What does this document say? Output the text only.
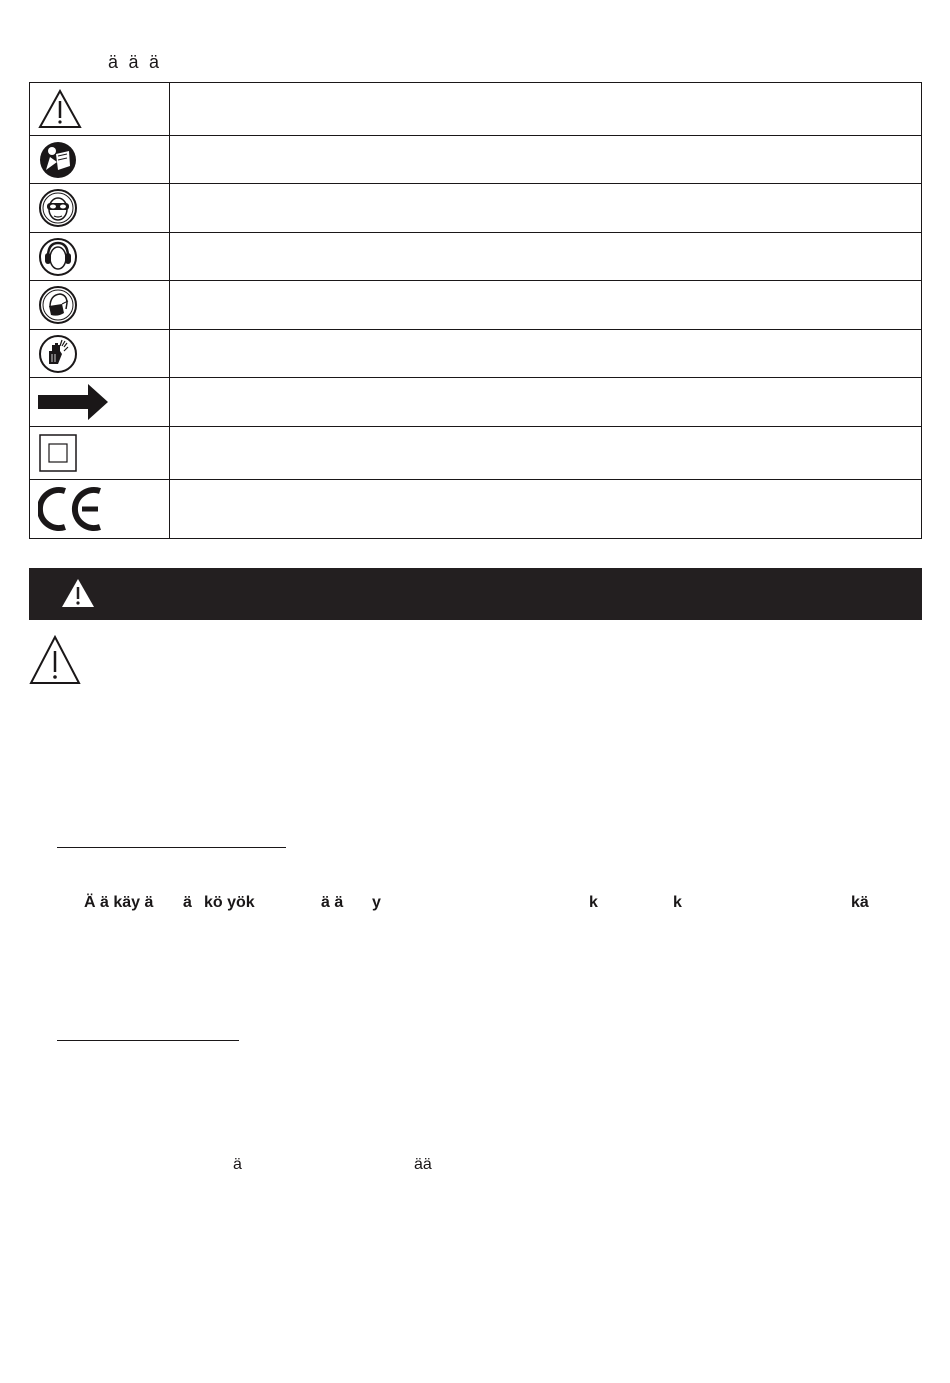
ä ä ä

Ä ä käy ä ä kö yök	ä ä y	k	k	kä
ä	ää
